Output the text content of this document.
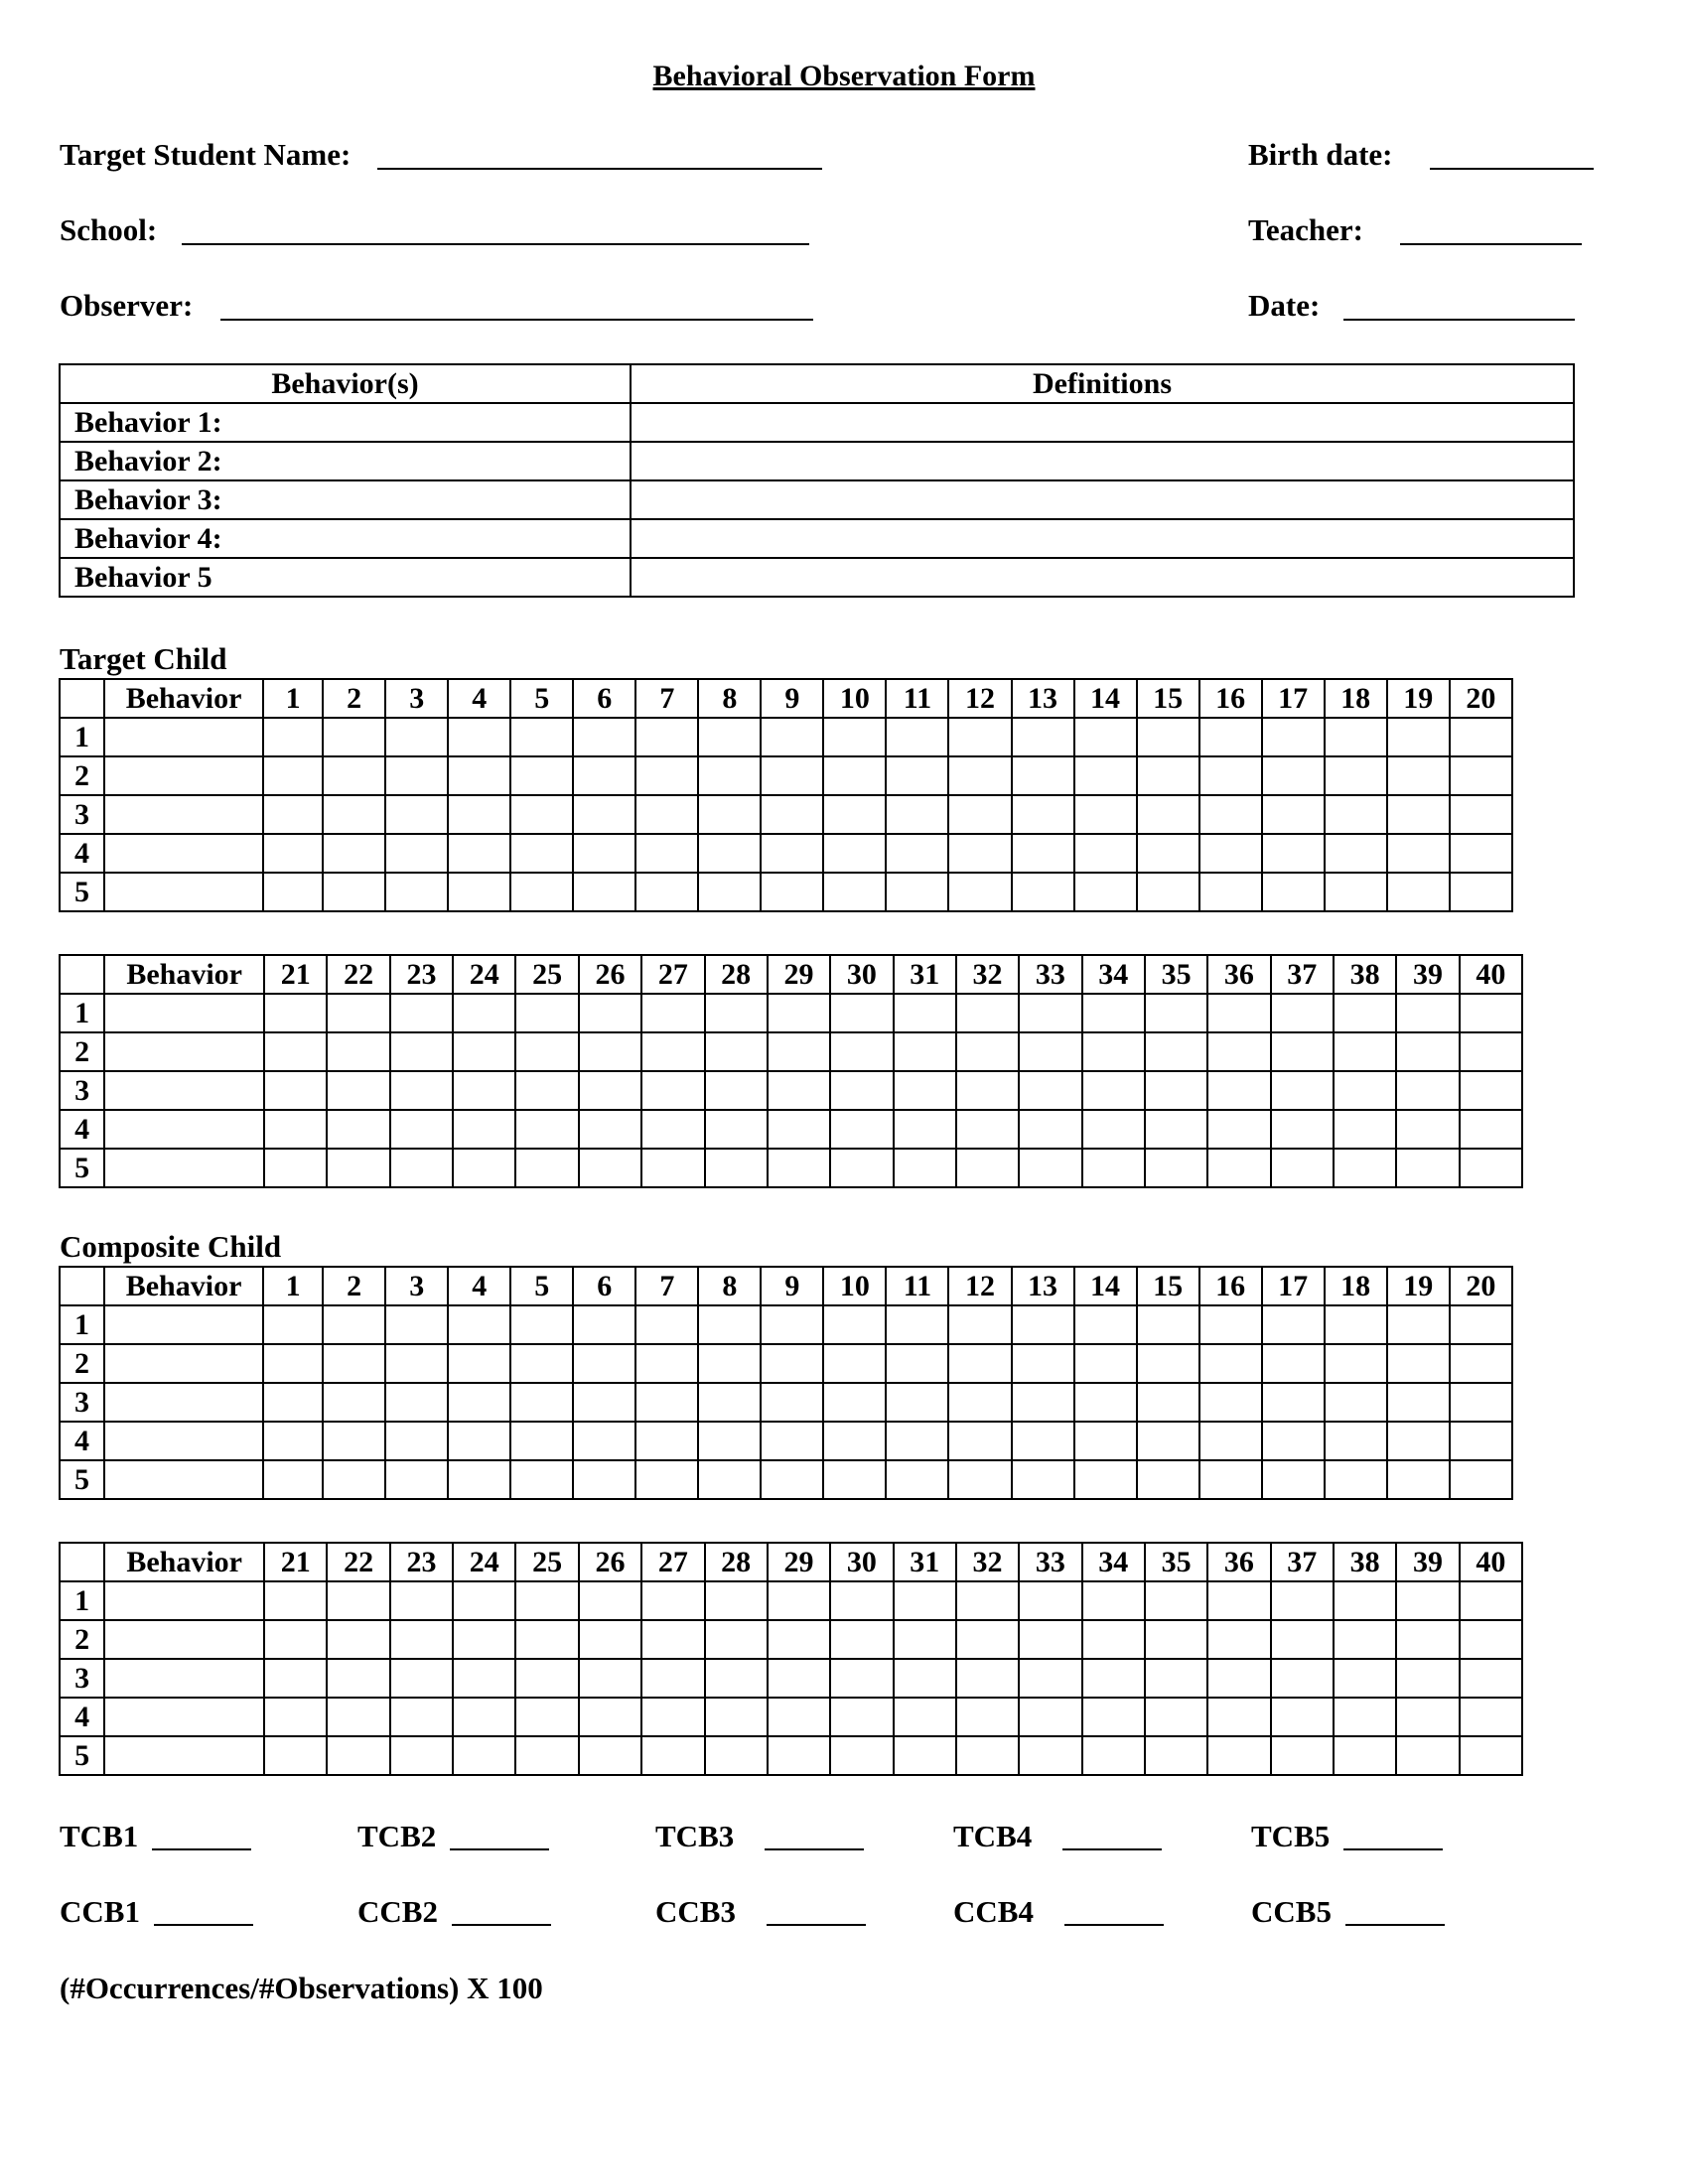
Behavioral Observation Form
Target Student Name:	Birth date:
School:	Teacher:
Observer:	Date:
Behavior(s)	Definitions
Behavior 1:	
Behavior 2:	
Behavior 3:	
Behavior 4:	
Behavior 5	
Target Child
	Behavior	1	2	3	4	5	6	7	8	9	10	11	12	13	14	15	16	17	18	19	20
1																					
2																					
3																					
4																					
5																					
	Behavior	21	22	23	24	25	26	27	28	29	30	31	32	33	34	35	36	37	38	39	40
1																					
2																					
3																					
4																					
5																					
Composite Child
	Behavior	1	2	3	4	5	6	7	8	9	10	11	12	13	14	15	16	17	18	19	20
1																					
2																					
3																					
4																					
5																					
	Behavior	21	22	23	24	25	26	27	28	29	30	31	32	33	34	35	36	37	38	39	40
1																					
2																					
3																					
4																					
5																					
TCB1	TCB2	TCB3	TCB4	TCB5
CCB1	CCB2	CCB3	CCB4	CCB5
(#Occurrences/#Observations) X 100
